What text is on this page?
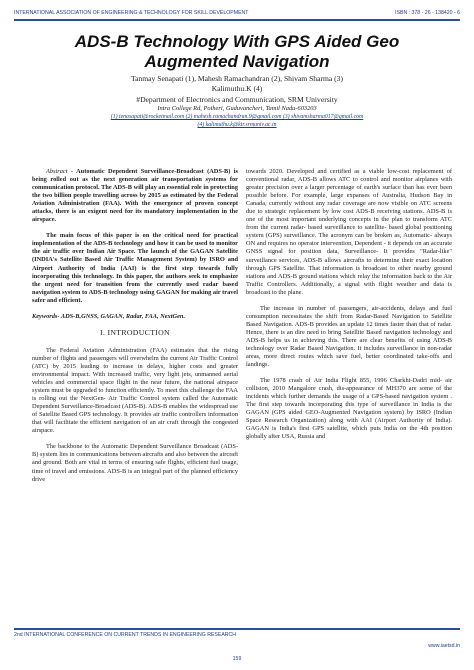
INTERNATIONAL ASSOCIATION OF ENGINEERING & TECHNOLOGY FOR SKILL DEVELOPMENT	ISBN : 378 - 26 - 138420 - 6
ADS-B Technology With GPS Aided Geo
Augmented Navigation
Tanmay Senapati (1), Mahesh Ramachandran (2), Shivam Sharma (3)
Kalimuthu.K (4)
#Department of Electronics and Communication, SRM University
Intra College Rd, Potheri, Guduvancheri, Tamil Nadu-603203
(1) tenasapati@rocketmail.com (2) mahesh.ramachandran.9@gmail.com (3) shivamsharma017@gmail.com
(4) kalimuthu.k@ktr.srmuniv.ac.in

Abstract - Automatic Dependent Surveillance-Broadcast (ADS-B) is being rolled out as the next generation air transportation systems for communication protocol. The ADS-B will play an essential role in protecting the two billion people travelling across by 2015 as estimated by the Federal Aviation Administration (FAA). With the emergence of proven concept attacks, there is an exigent need for its mandatory implementation in the airspace.

The main focus of this paper is on the critical need for practical implementation of the ADS-B technology and how it can be used to monitor the air traffic over Indian Air Space. The launch of the GAGAN Satellite (INDIA's Satellite Based Air Traffic Management System) by ISRO and Airport Authority of India (AAI) is the first step towards fully incorporating this technology. In this paper, the authors seek to emphasize the urgent need for transition from the currently used radar based navigation system to ADS-B technology using GAGAN for making air travel safer and efficient.

Keywords- ADS-B,GNSS, GAGAN, Radar, FAA, NextGen.

I. INTRODUCTION

The Federal Aviation Administration (FAA) estimates that the rising number of flights and passengers will overwhelm the current Air Traffic Control (ATC) by 2015 leading to increase in delays, higher costs and greater environmental impact. With increased traffic, very light jets, unmanned aerial vehicles and commercial space flight in the near future, the national airspace system must be upgraded to function efficiently. To meet this challenge the FAA is rolling out the NextGen- Air Traffic Control system called the Automatic Dependent Surveillance-Broadcast (ADS-B). ADS-B enables the widespread use of Satellite Based GPS technology. It provides air traffic controllers information that will facilitate the efficient navigation of an air craft through the congested airspace.

The backbone to the Automatic Dependent Surveillance Broadcast (ADS-B) system lies in communications between aircrafts and also between the aircraft and ground. Both are vital in terms of ensuring safe flights, efficient fuel usage, time of travel and emissions. ADS-B is an integral part of the planned efficiency drive

towards 2020. Developed and certified as a viable low-cost replacement of conventional radar, ADS-B allows ATC to control and monitor airplanes with greater precision over a larger percentage of earth's surface than has ever been possible before. For example, large expanses of Australia, Hudson Bay in Canada, currently without any radar coverage are now visible on ATC screens due to strategic replacement by low cost ADS-B receiving stations. ADS-B is one of the most important underlying concepts in the plan to transform ATC from the current radar- based surveillance to satellite- based global positioning system (GPS) surveillance. The acronym can be broken as, Automatic- always ON and requires no operator intervention, Dependent - it depends on an accurate GNSS signal for position data, Surveillance- It provides "Radar-like" surveillance services, ADS-B allows aircrafts to determine their exact location through GPS Satellite. That information is broadcast to other nearby ground stations and ADS-B ground stations which relay the information back to the Air Traffic Controllers. Additionally, a signal with flight weather and data is broadcast to the plane.

The increase in number of passengers, air-accidents, delays and fuel consumption necessitates the shift from Radar-Based Navigation to Satellite Based Navigation. ADS-B provides an update 12 times faster than that of radar. Hence, there is an dire need to bring Satellite Based navigation technology and ADS-B helps us in achieving this. There are clear benefits of using ADS-B technology over Radar Based Navigation. It includes surveillance in non-radar areas, more direct routes which save fuel, better coordinated take-offs and landings.

The 1978 crash of Air India Flight 855, 1996 Charkhi-Dadri mid- air collision, 2010 Mangalore crash, dis-appearance of MH370 are some of the incidents which further demands the usage of a GPS-based navigation system . The first step towards incorporating this type of surveillance in India is the GAGAN (GPS aided GEO-Augmented Navigation system) by ISRO (Indian Space Research Organization) along with AAI (Airport Authority of India). GAGAN is India's first GPS satellite, which puts India on the 4th position globally after USA, Russia and

2nd INTERNATIONAL CONFERENCE ON CURRENT TRENDS IN ENGINEERING RESEARCH
www.iaetsd.in
159
